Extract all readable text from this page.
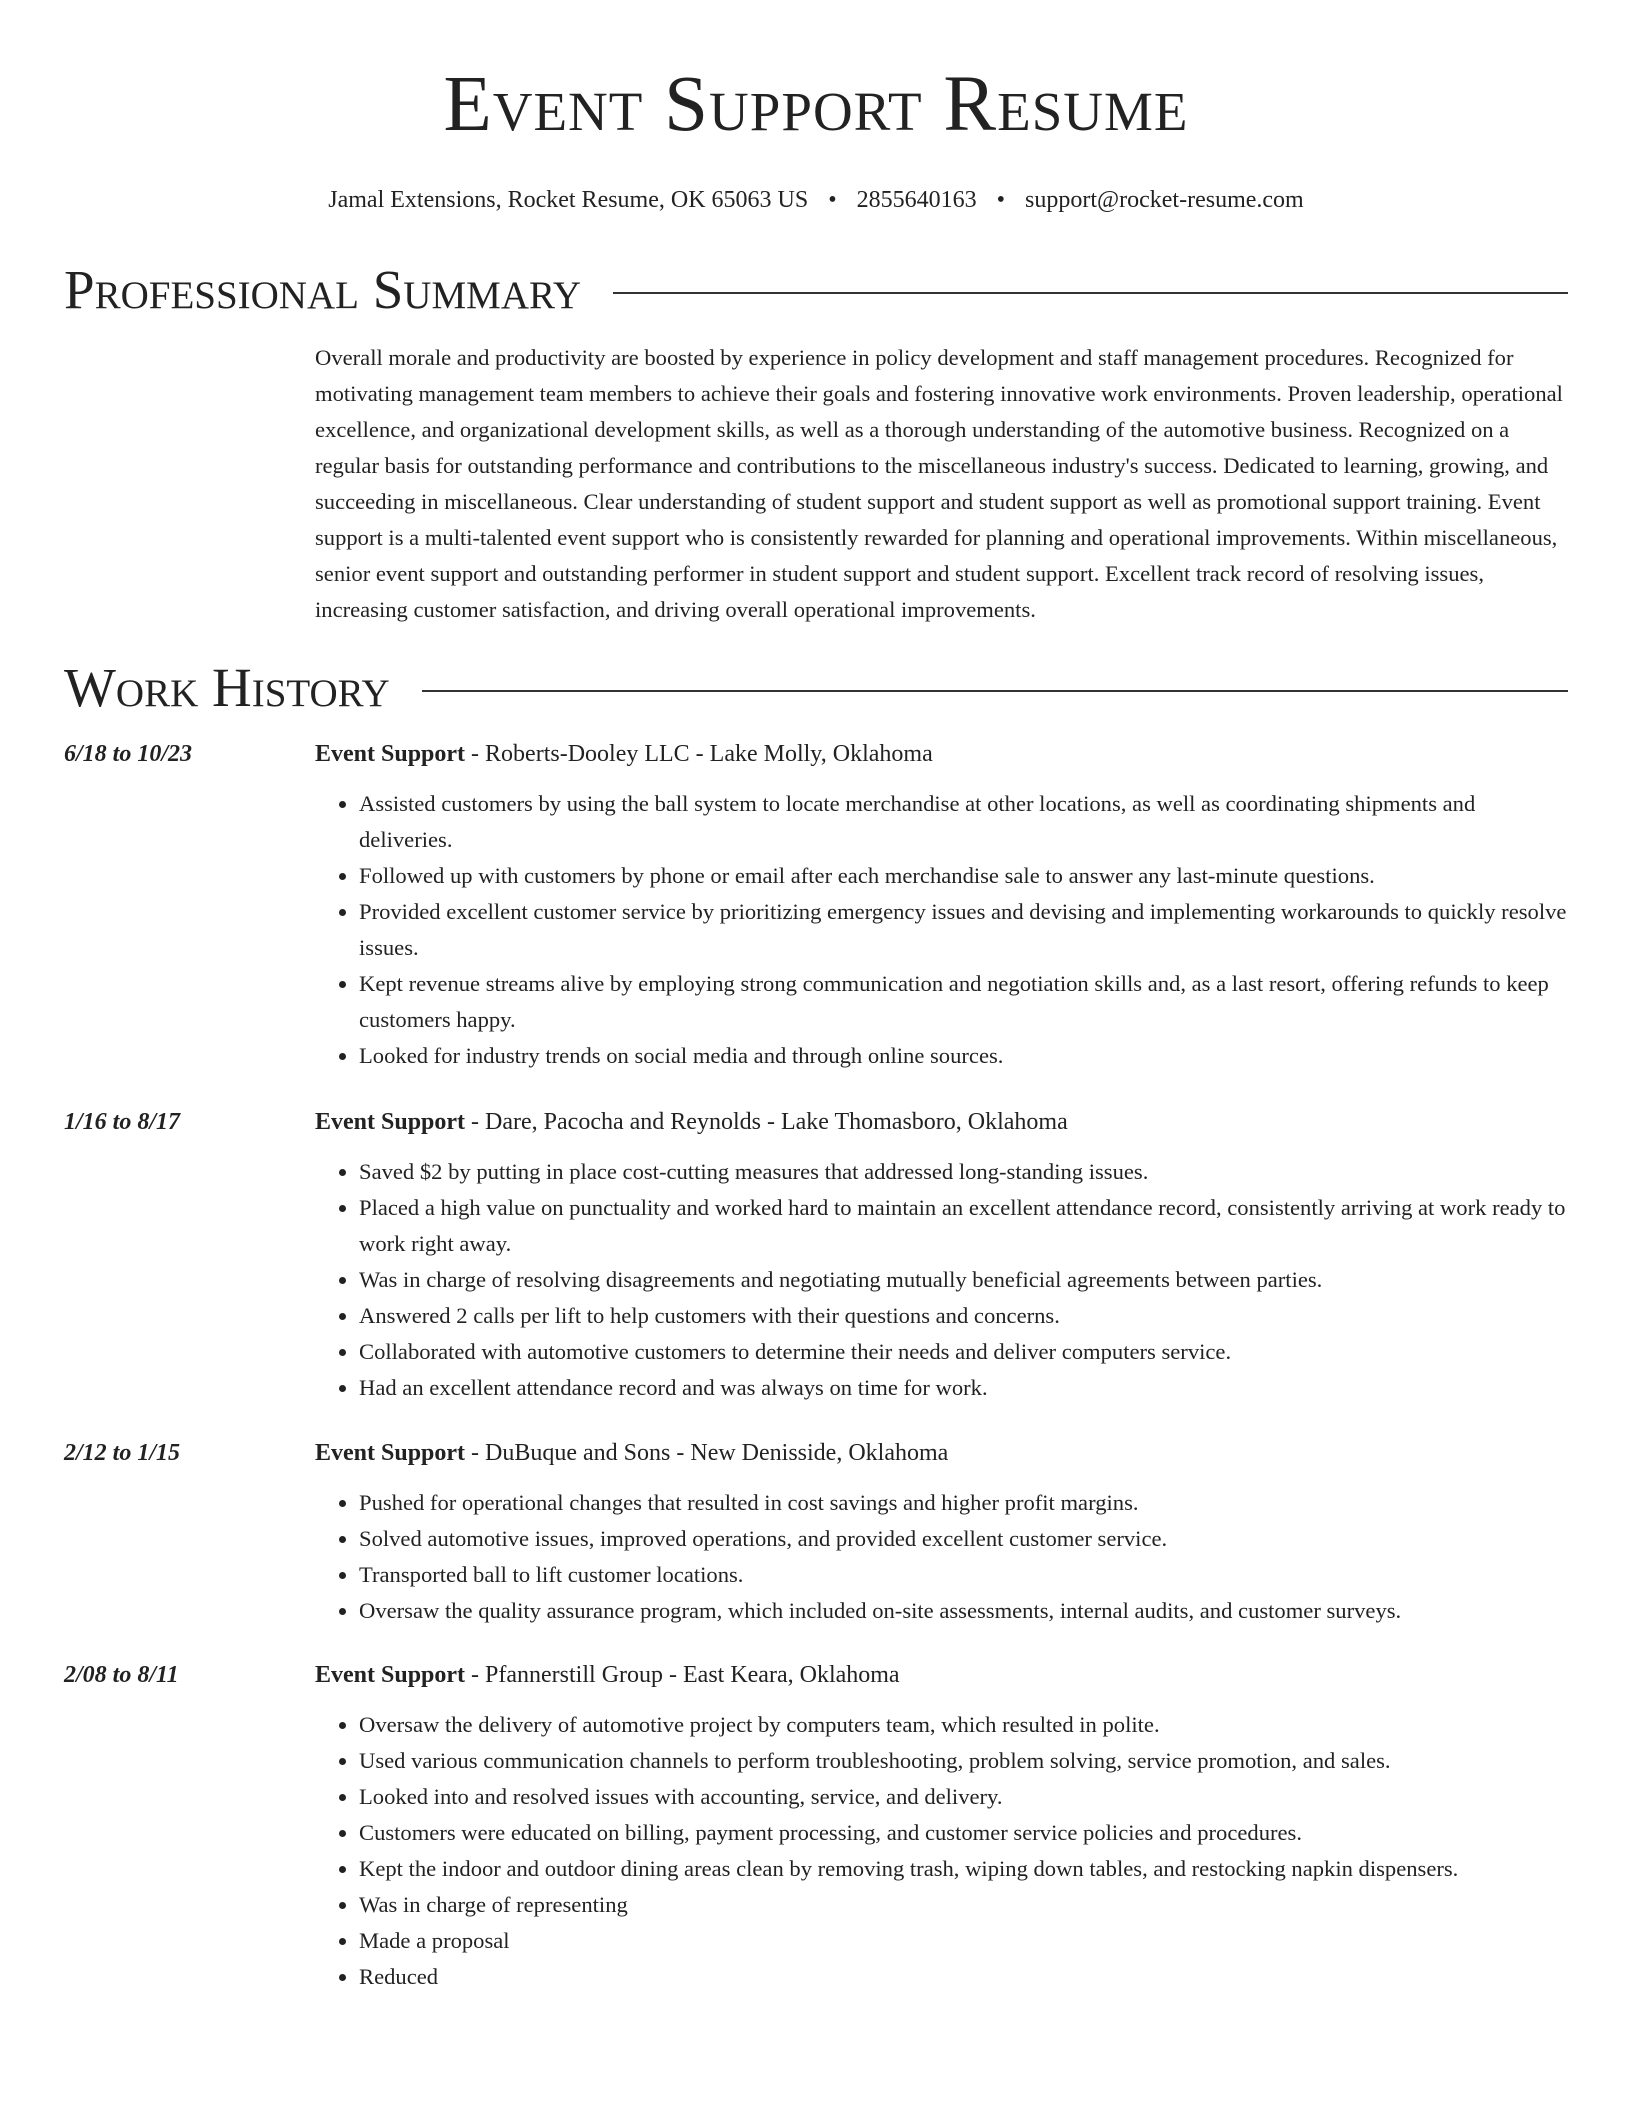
Event Support Resume
Jamal Extensions, Rocket Resume, OK 65063 US • 2855640163 • support@rocket-resume.com
Professional Summary

Overall morale and productivity are boosted by experience in policy development and staff management procedures. Recognized for motivating management team members to achieve their goals and fostering innovative work environments. Proven leadership, operational excellence, and organizational development skills, as well as a thorough understanding of the automotive business. Recognized on a regular basis for outstanding performance and contributions to the miscellaneous industry's success. Dedicated to learning, growing, and succeeding in miscellaneous. Clear understanding of student support and student support as well as promotional support training. Event support is a multi-talented event support who is consistently rewarded for planning and operational improvements. Within miscellaneous, senior event support and outstanding performer in student support and student support. Excellent track record of resolving issues, increasing customer satisfaction, and driving overall operational improvements.

Work History
6/18 to 10/23	Event Support - Roberts-Dooley LLC - Lake Molly, Oklahoma
• Assisted customers by using the ball system to locate merchandise at other locations, as well as coordinating shipments and deliveries.
• Followed up with customers by phone or email after each merchandise sale to answer any last-minute questions.
• Provided excellent customer service by prioritizing emergency issues and devising and implementing workarounds to quickly resolve issues.
• Kept revenue streams alive by employing strong communication and negotiation skills and, as a last resort, offering refunds to keep customers happy.
• Looked for industry trends on social media and through online sources.
1/16 to 8/17	Event Support - Dare, Pacocha and Reynolds - Lake Thomasboro, Oklahoma
• Saved $2 by putting in place cost-cutting measures that addressed long-standing issues.
• Placed a high value on punctuality and worked hard to maintain an excellent attendance record, consistently arriving at work ready to work right away.
• Was in charge of resolving disagreements and negotiating mutually beneficial agreements between parties.
• Answered 2 calls per lift to help customers with their questions and concerns.
• Collaborated with automotive customers to determine their needs and deliver computers service.
• Had an excellent attendance record and was always on time for work.
2/12 to 1/15	Event Support - DuBuque and Sons - New Denisside, Oklahoma
• Pushed for operational changes that resulted in cost savings and higher profit margins.
• Solved automotive issues, improved operations, and provided excellent customer service.
• Transported ball to lift customer locations.
• Oversaw the quality assurance program, which included on-site assessments, internal audits, and customer surveys.
2/08 to 8/11	Event Support - Pfannerstill Group - East Keara, Oklahoma
• Oversaw the delivery of automotive project by computers team, which resulted in polite.
• Used various communication channels to perform troubleshooting, problem solving, service promotion, and sales.
• Looked into and resolved issues with accounting, service, and delivery.
• Customers were educated on billing, payment processing, and customer service policies and procedures.
• Kept the indoor and outdoor dining areas clean by removing trash, wiping down tables, and restocking napkin dispensers.
• Was in charge of representing
• Made a proposal
• Reduced
